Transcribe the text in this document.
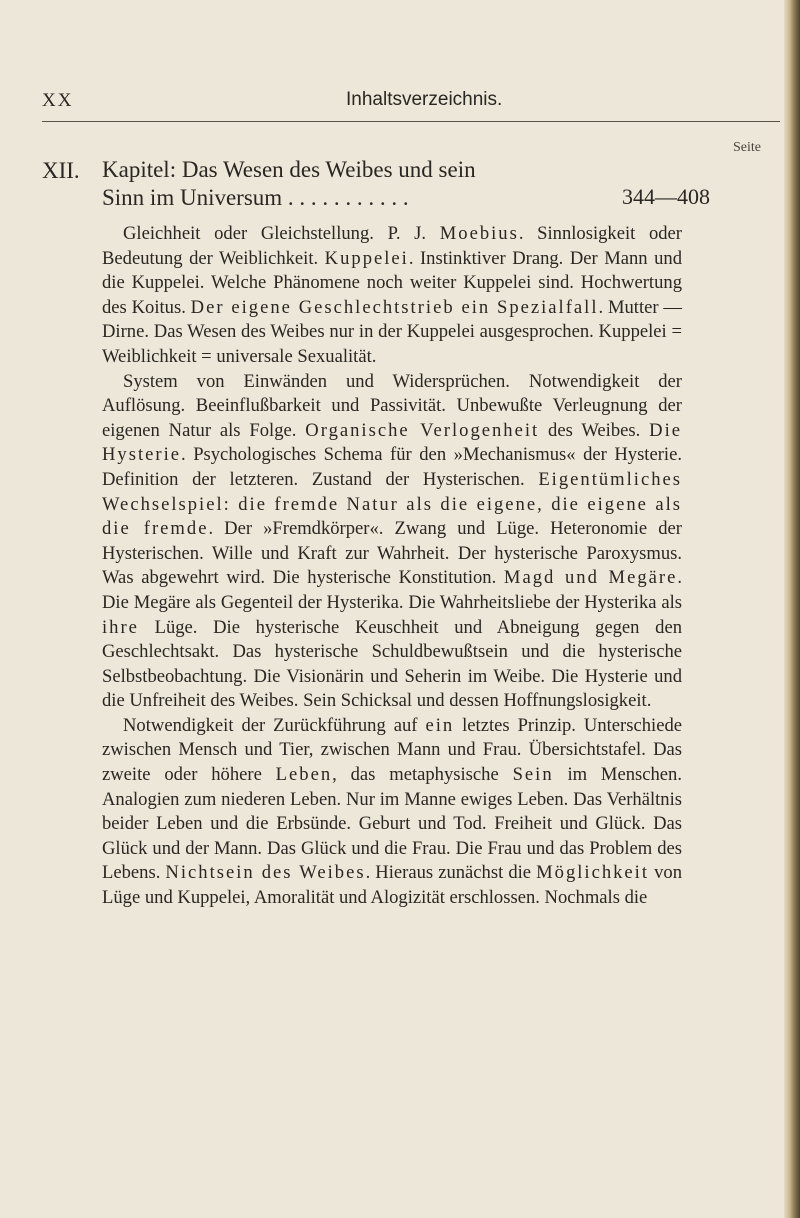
XX	Inhaltsverzeichnis.
Seite
XII. Kapitel: Das Wesen des Weibes und sein
Sinn im Universum . . . . . . . . . . .	344—408

Gleichheit oder Gleichstellung. P. J. Moebius. Sinnlosigkeit oder Bedeutung der Weiblichkeit. Kuppelei. Instinktiver Drang. Der Mann und die Kuppelei. Welche Phänomene noch weiter Kuppelei sind. Hochwertung des Koitus. Der eigene Geschlechtstrieb ein Spezialfall. Mutter — Dirne. Das Wesen des Weibes nur in der Kuppelei ausgesprochen. Kuppelei = Weiblichkeit = universale Sexualität.

System von Einwänden und Widersprüchen. Notwendigkeit der Auflösung. Beeinflußbarkeit und Passivität. Unbewußte Verleugnung der eigenen Natur als Folge. Organische Verlogenheit des Weibes. Die Hysterie. Psychologisches Schema für den »Mechanismus« der Hysterie. Definition der letzteren. Zustand der Hysterischen. Eigentümliches Wechselspiel: die fremde Natur als die eigene, die eigene als die fremde. Der »Fremdkörper«. Zwang und Lüge. Heteronomie der Hysterischen. Wille und Kraft zur Wahrheit. Der hysterische Paroxysmus. Was abgewehrt wird. Die hysterische Konstitution. Magd und Megäre. Die Megäre als Gegenteil der Hysterika. Die Wahrheitsliebe der Hysterika als ihre Lüge. Die hysterische Keuschheit und Abneigung gegen den Geschlechtsakt. Das hysterische Schuldbewußtsein und die hysterische Selbstbeobachtung. Die Visionärin und Seherin im Weibe. Die Hysterie und die Unfreiheit des Weibes. Sein Schicksal und dessen Hoffnungslosigkeit.

Notwendigkeit der Zurückführung auf ein letztes Prinzip. Unterschiede zwischen Mensch und Tier, zwischen Mann und Frau. Übersichtstafel. Das zweite oder höhere Leben, das metaphysische Sein im Menschen. Analogien zum niederen Leben. Nur im Manne ewiges Leben. Das Verhältnis beider Leben und die Erbsünde. Geburt und Tod. Freiheit und Glück. Das Glück und der Mann. Das Glück und die Frau. Die Frau und das Problem des Lebens. Nichtsein des Weibes. Hieraus zunächst die Möglichkeit von Lüge und Kuppelei, Amoralität und Alogizität erschlossen. Nochmals die
